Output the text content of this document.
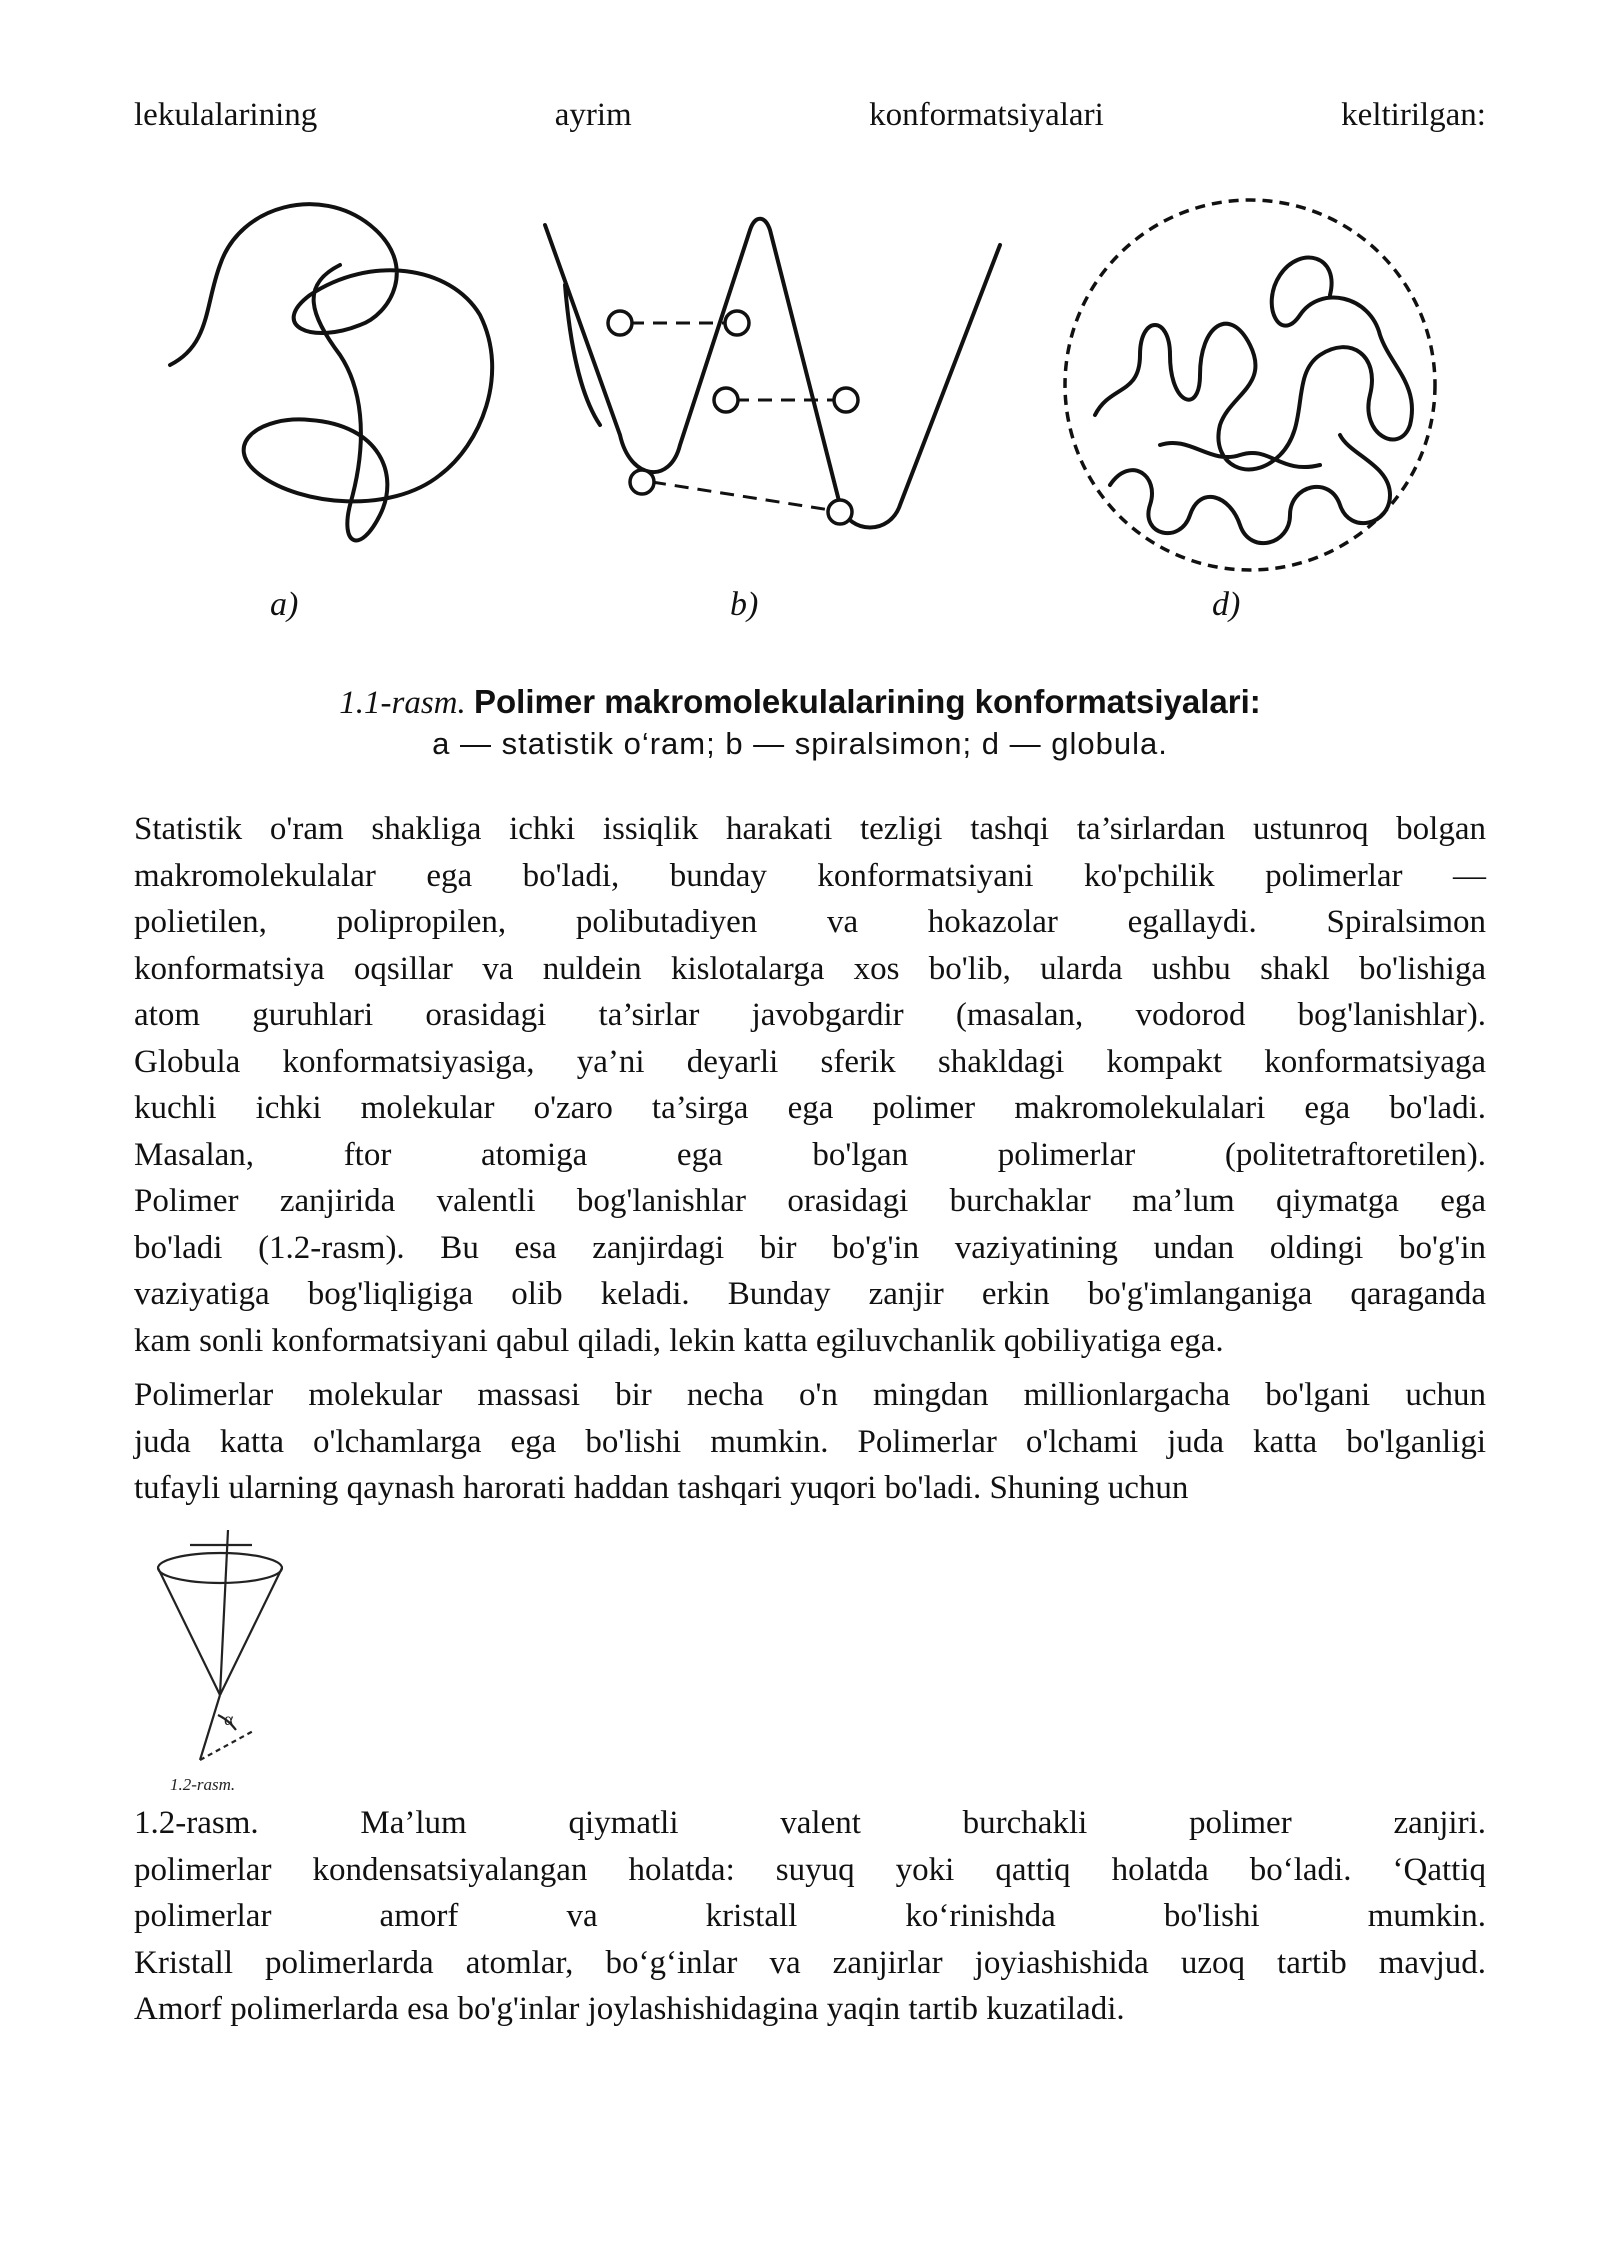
lekulalarining	ayrim	konformatsiyalari	keltirilgan:
a)	b)	d)
1.1-rasm. Polimer makromolekulalarining konformatsiyalari:
a — statistik o‘ram; b — spiralsimon; d — globula.

Statistik o'ram shakliga ichki issiqlik harakati tezligi tashqi ta’sirlardan ustunroq bolgan
makromolekulalar ega bo'ladi, bunday konformatsiyani ko'pchilik polimerlar —
polietilen, polipropilen, polibutadiyen va hokazolar egallaydi. Spiralsimon
konformatsiya oqsillar va nuldein kislotalarga xos bo'lib, ularda ushbu shakl bo'lishiga
atom guruhlari orasidagi ta’sirlar javobgardir (masalan, vodorod bog'lanishlar).
Globula konformatsiyasiga, ya’ni deyarli sferik shakldagi kompakt konformatsiyaga
kuchli ichki molekular o'zaro ta’sirga ega polimer makromolekulalari ega bo'ladi.
Masalan, ftor atomiga ega bo'lgan polimerlar (politetraftoretilen).
Polimer zanjirida valentli bog'lanishlar orasidagi burchaklar ma’lum qiymatga ega
bo'ladi (1.2-rasm). Bu esa zanjirdagi bir bo'g'in vaziyatining undan oldingi bo'g'in
vaziyatiga bog'liqligiga olib keladi. Bunday zanjir erkin bo'g'imlanganiga qaraganda
kam sonli konformatsiyani qabul qiladi, lekin katta egiluvchanlik qobiliyatiga ega.

Polimerlar molekular massasi bir necha o'n mingdan millionlargacha bo'lgani uchun
juda katta o'lchamlarga ega bo'lishi mumkin. Polimerlar o'lchami juda katta bo'lganligi
tufayli ularning qaynash harorati haddan tashqari yuqori bo'ladi. Shuning uchun

α
1.2-rasm.

1.2-rasm. Ma’lum qiymatli valent burchakli polimer zanjiri.
polimerlar kondensatsiyalangan holatda: suyuq yoki qattiq holatda bo‘ladi. ‘Qattiq
polimerlar amorf va kristall ko‘rinishda bo'lishi mumkin.
Kristall polimerlarda atomlar, bo‘g‘inlar va zanjirlar joyiashishida uzoq tartib mavjud.
Amorf polimerlarda esa bo'g'inlar joylashishidagina yaqin tartib kuzatiladi.
